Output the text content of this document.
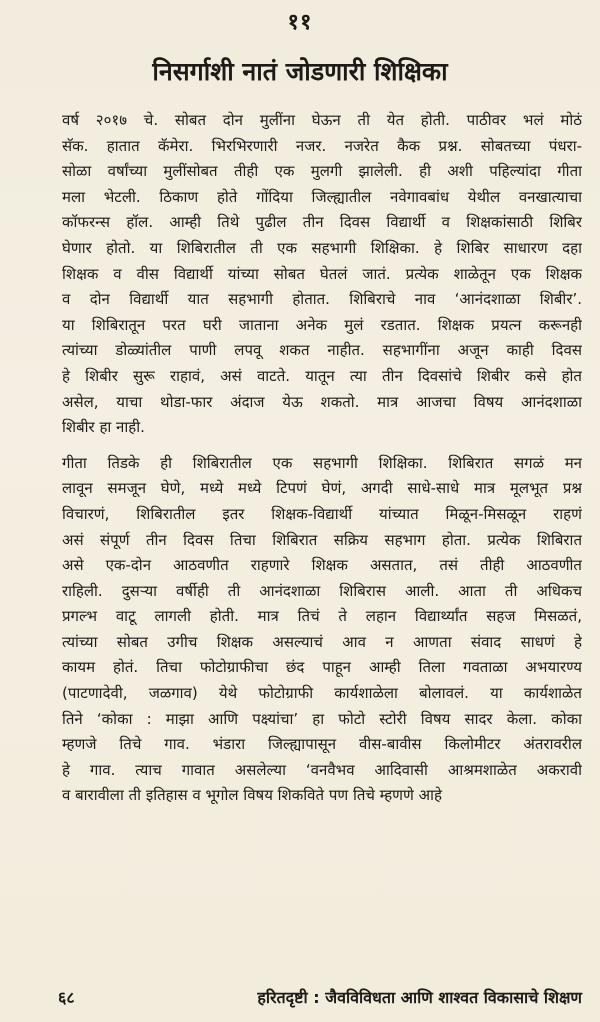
११
निसर्गाशी नातं जोडणारी शिक्षिका
वर्ष २०१७ चे. सोबत दोन मुलींना घेऊन ती येत होती. पाठीवर भलं मोठं
सॅक. हातात कॅमेरा. भिरभिरणारी नजर. नजरेत कैक प्रश्न. सोबतच्या पंधरा-
सोळा वर्षांच्या मुलींसोबत तीही एक मुलगी झालेली. ही अशी पहिल्यांदा गीता
मला भेटली. ठिकाण होते गोंदिया जिल्ह्यातील नवेगावबांध येथील वनखात्याचा
कॉफरन्स हॉल. आम्ही तिथे पुढील तीन दिवस विद्यार्थी व शिक्षकांसाठी शिबिर
घेणार होतो. या शिबिरातील ती एक सहभागी शिक्षिका. हे शिबिर साधारण दहा
शिक्षक व वीस विद्यार्थी यांच्या सोबत घेतलं जातं. प्रत्येक शाळेतून एक शिक्षक
व दोन विद्यार्थी यात सहभागी होतात. शिबिराचे नाव ‘आनंदशाळा शिबीर’.
या शिबिरातून परत घरी जाताना अनेक मुलं रडतात. शिक्षक प्रयत्न करूनही
त्यांच्या डोळ्यांतील पाणी लपवू शकत नाहीत. सहभागींना अजून काही दिवस
हे शिबीर सुरू राहावं, असं वाटते. यातून त्या तीन दिवसांचे शिबीर कसे होत
असेल, याचा थोडा-फार अंदाज येऊ शकतो. मात्र आजचा विषय आनंदशाळा
शिबीर हा नाही.
गीता तिडके ही शिबिरातील एक सहभागी शिक्षिका. शिबिरात सगळं मन
लावून समजून घेणे, मध्ये मध्ये टिपणं घेणं, अगदी साधे-साधे मात्र मूलभूत प्रश्न
विचारणं, शिबिरातील इतर शिक्षक-विद्यार्थी यांच्यात मिळून-मिसळून राहणं
असं संपूर्ण तीन दिवस तिचा शिबिरात सक्रिय सहभाग होता. प्रत्येक शिबिरात
असे एक-दोन आठवणीत राहणारे शिक्षक असतात, तसं तीही आठवणीत
राहिली. दुसऱ्या वर्षीही ती आनंदशाळा शिबिरास आली. आता ती अधिकच
प्रगल्भ वाटू लागली होती. मात्र तिचं ते लहान विद्यार्थ्यांत सहज मिसळतं,
त्यांच्या सोबत उगीच शिक्षक असल्याचं आव न आणता संवाद साधणं हे
कायम होतं. तिचा फोटोग्राफीचा छंद पाहून आम्ही तिला गवताळा अभयारण्य
(पाटणादेवी, जळगाव) येथे फोटोग्राफी कार्यशाळेला बोलावलं. या कार्यशाळेत
तिने ‘कोका : माझा आणि पक्ष्यांचा’ हा फोटो स्टोरी विषय सादर केला. कोका
म्हणजे तिचे गाव. भंडारा जिल्ह्यापासून वीस-बावीस किलोमीटर अंतरावरील
हे गाव. त्याच गावात असलेल्या ‘वनवैभव आदिवासी आश्रमशाळेत अकरावी
व बारावीला ती इतिहास व भूगोल विषय शिकविते पण तिचे म्हणणे आहे
६८	हरितदृष्टी : जैवविविधता आणि शाश्वत विकासाचे शिक्षण
